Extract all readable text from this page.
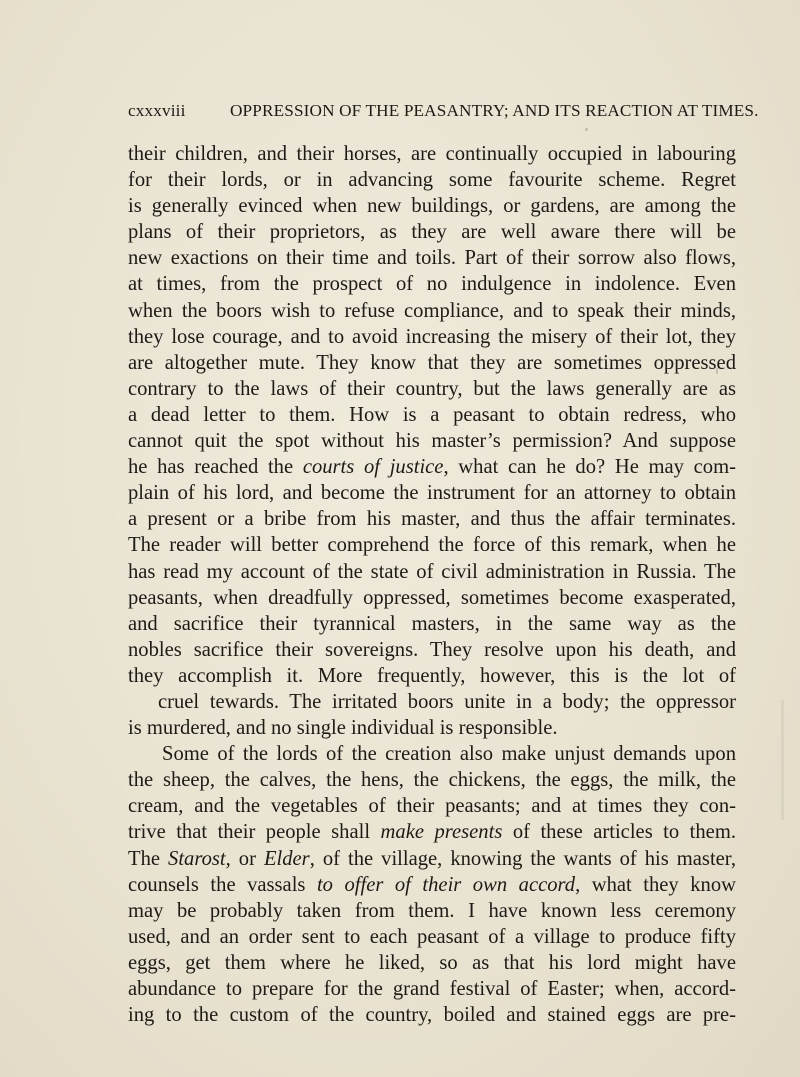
cxxxviii	OPPRESSION OF THE PEASANTRY; AND ITS REACTION AT TIMES.
their children, and their horses, are continually occupied in labouring
for their lords, or in advancing some favourite scheme. Regret
is generally evinced when new buildings, or gardens, are among the
plans of their proprietors, as they are well aware there will be
new exactions on their time and toils. Part of their sorrow also flows,
at times, from the prospect of no indulgence in indolence. Even
when the boors wish to refuse compliance, and to speak their minds,
they lose courage, and to avoid increasing the misery of their lot, they
are altogether mute. They know that they are sometimes oppressed
contrary to the laws of their country, but the laws generally are as
a dead letter to them. How is a peasant to obtain redress, who
cannot quit the spot without his master’s permission? And suppose
he has reached the courts of justice, what can he do? He may com-
plain of his lord, and become the instrument for an attorney to obtain
a present or a bribe from his master, and thus the affair terminates.
The reader will better comprehend the force of this remark, when he
has read my account of the state of civil administration in Russia. The
peasants, when dreadfully oppressed, sometimes become exasperated,
and sacrifice their tyrannical masters, in the same way as the
nobles sacrifice their sovereigns. They resolve upon his death, and
they accomplish it. More frequently, however, this is the lot of
cruel tewards. The irritated boors unite in a body; the oppressor
is murdered, and no single individual is responsible.
Some of the lords of the creation also make unjust demands upon
the sheep, the calves, the hens, the chickens, the eggs, the milk, the
cream, and the vegetables of their peasants; and at times they con-
trive that their people shall make presents of these articles to them.
The Starost, or Elder, of the village, knowing the wants of his master,
counsels the vassals to offer of their own accord, what they know
may be probably taken from them. I have known less ceremony
used, and an order sent to each peasant of a village to produce fifty
eggs, get them where he liked, so as that his lord might have
abundance to prepare for the grand festival of Easter; when, accord-
ing to the custom of the country, boiled and stained eggs are pre-
